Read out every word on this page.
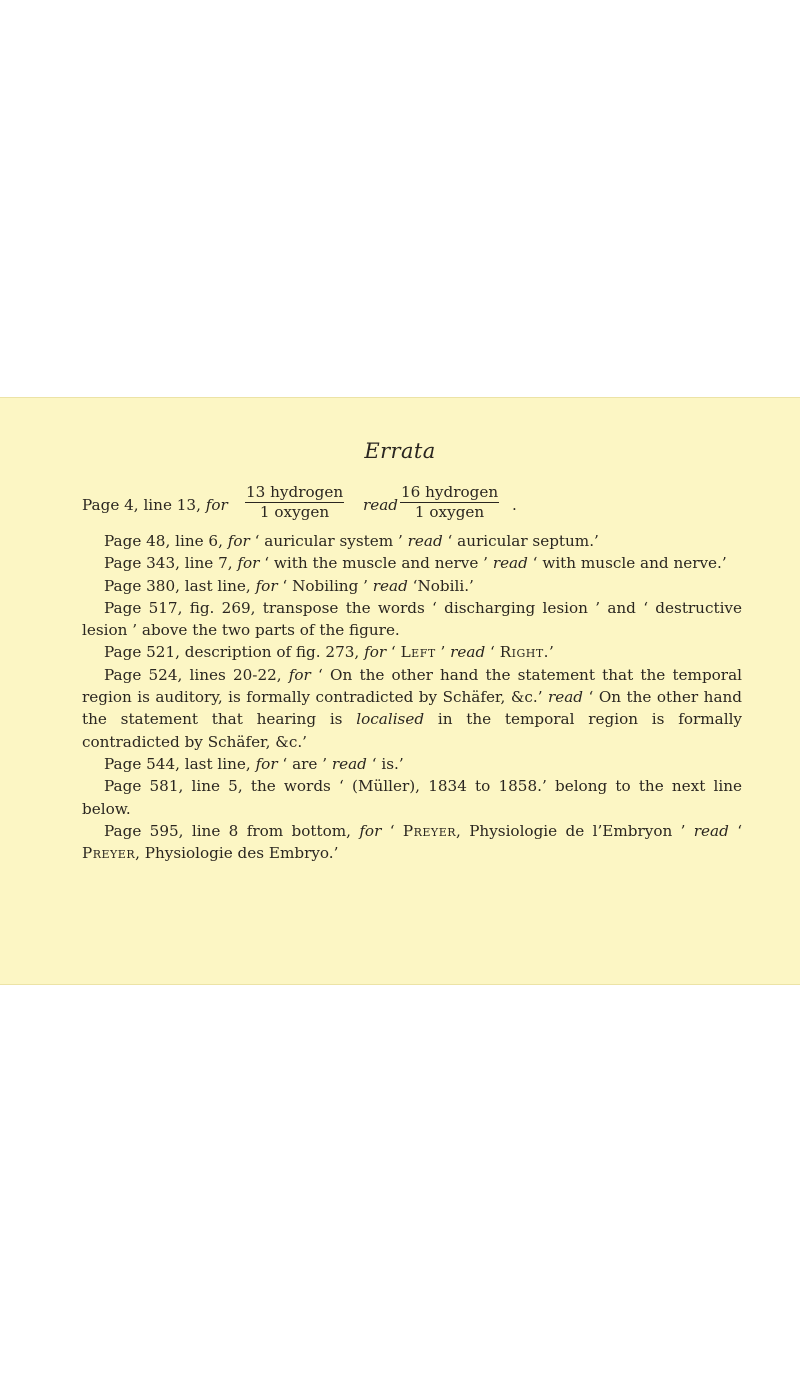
Errata
Page 4, line 13, for
13 hydrogen
1 oxygen	read
16 hydrogen
1 oxygen	.

Page 48, line 6, for ‘ auricular system ’ read ‘ auricular septum.’

Page 343, line 7, for ‘ with the muscle and nerve ’ read ‘ with muscle and nerve.’

Page 380, last line, for ‘ Nobiling ’ read ‘Nobili.’

Page 517, fig. 269, transpose the words ‘ discharging lesion ’ and ‘ destructive lesion ’ above the two parts of the figure.

Page 521, description of fig. 273, for ‘ Left ’ read ‘ Right.’

Page 524, lines 20-22, for ‘ On the other hand the statement that the temporal region is auditory, is formally contradicted by Schäfer, &c.’ read ‘ On the other hand the statement that hearing is localised in the temporal region is formally contradicted by Schäfer, &c.’

Page 544, last line, for ‘ are ’ read ‘ is.’

Page 581, line 5, the words ‘ (Müller), 1834 to 1858.’ belong to the next line below.

Page 595, line 8 from bottom, for ‘ Preyer, Physiologie de l’Embryon ’ read ‘ Preyer, Physiologie des Embryo.’
